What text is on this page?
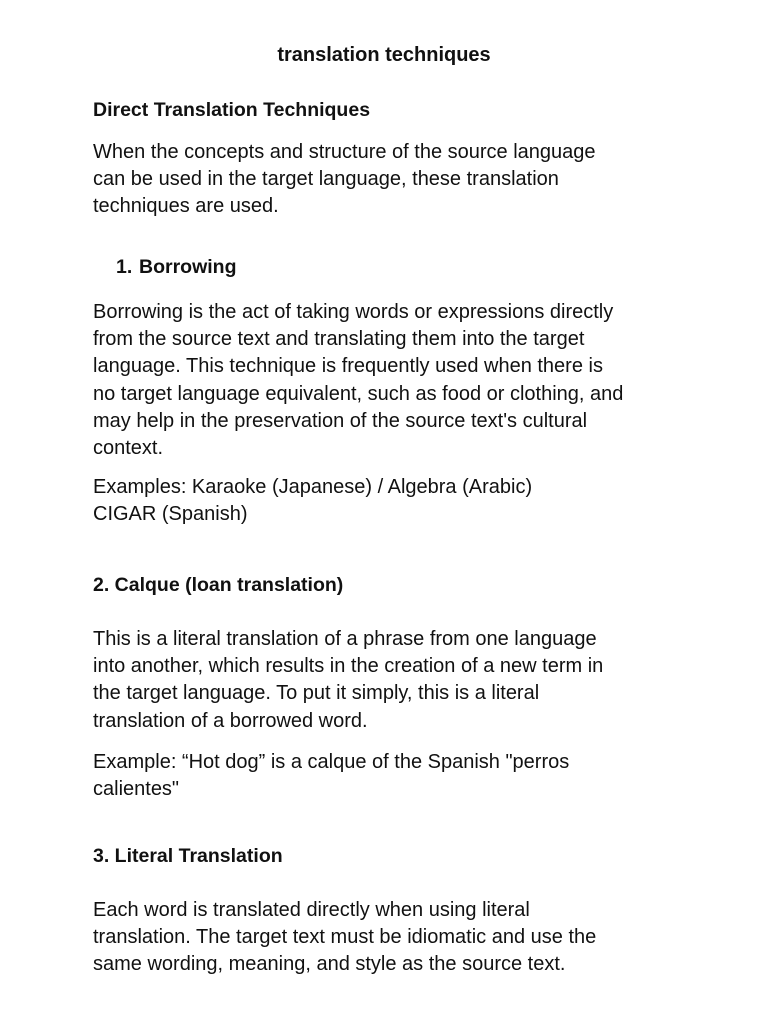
translation techniques
Direct Translation Techniques

When the concepts and structure of the source language
can be used in the target language, these translation
techniques are used.

1. Borrowing

Borrowing is the act of taking words or expressions directly
from the source text and translating them into the target
language. This technique is frequently used when there is
no target language equivalent, such as food or clothing, and
may help in the preservation of the source text's cultural
context.

Examples: Karaoke (Japanese) / Algebra (Arabic)
CIGAR (Spanish)

2. Calque (loan translation)

This is a literal translation of a phrase from one language
into another, which results in the creation of a new term in
the target language. To put it simply, this is a literal
translation of a borrowed word.

Example: “Hot dog” is a calque of the Spanish "perros
calientes"

3. Literal Translation

Each word is translated directly when using literal
translation. The target text must be idiomatic and use the
same wording, meaning, and style as the source text.
